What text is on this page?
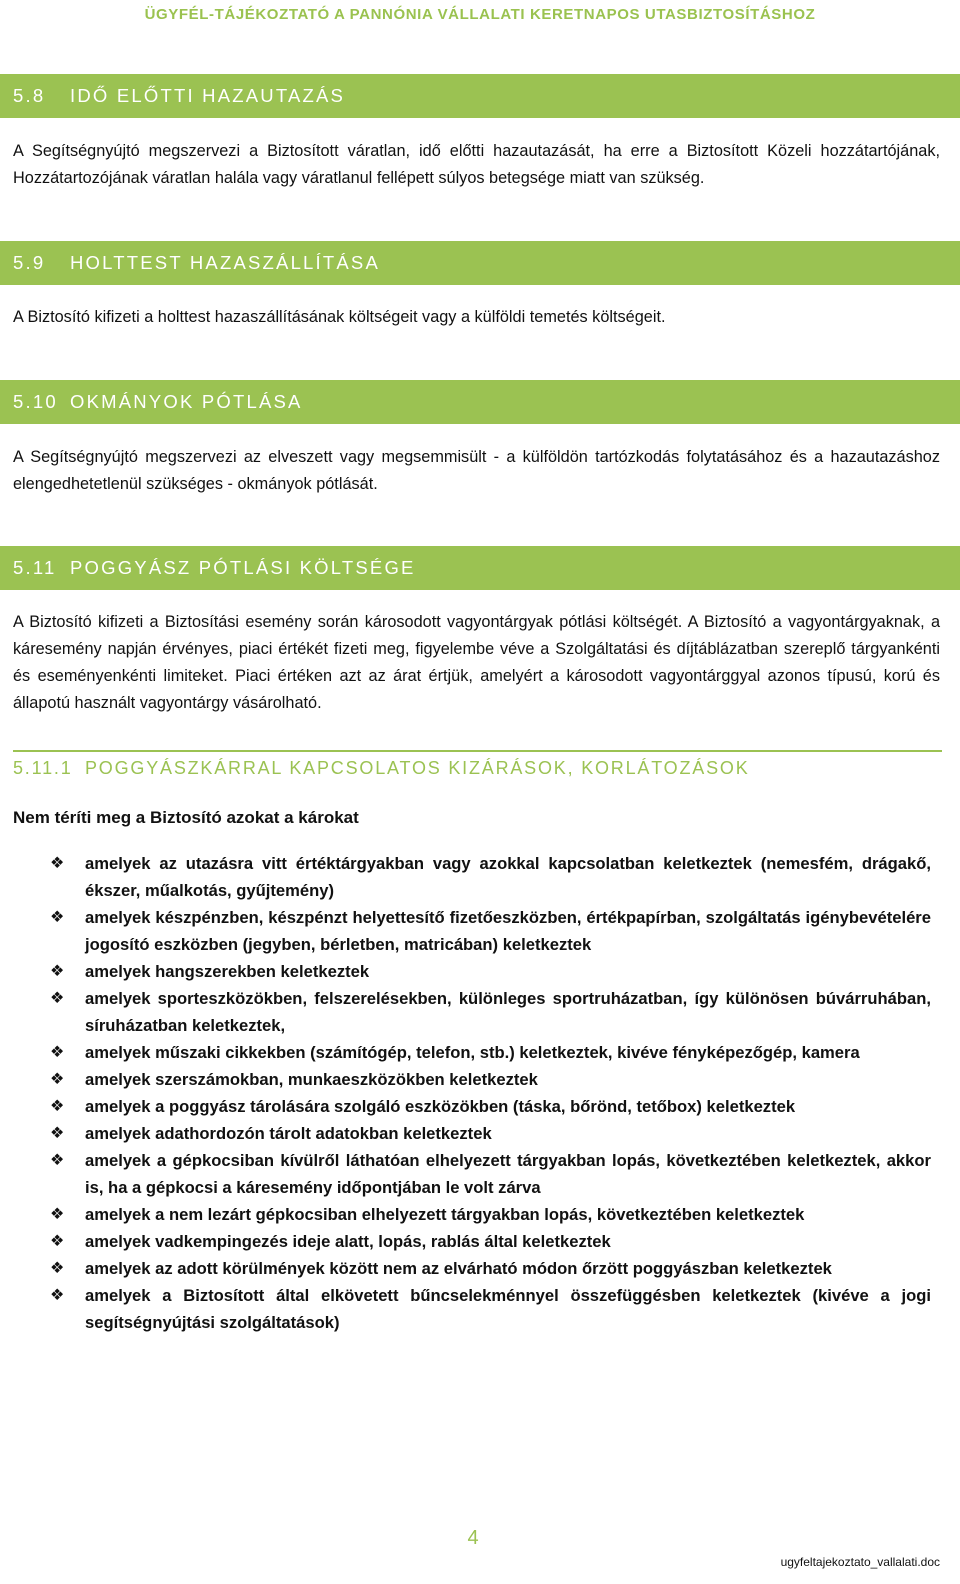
ÜGYFÉL-TÁJÉKOZTATÓ A PANNÓNIA VÁLLALATI KERETNAPOS UTASBIZTOSÍTÁSHOZ
5.8 IDŐ ELŐTTI HAZAUTAZÁS

A Segítségnyújtó megszervezi a Biztosított váratlan, idő előtti hazautazását, ha erre a Biztosított Közeli hozzátartójának, Hozzátartozójának váratlan halála vagy váratlanul fellépett súlyos betegsége miatt van szükség.

5.9 HOLTTEST HAZASZÁLLÍTÁSA

A Biztosító kifizeti a holttest hazaszállításának költségeit vagy a külföldi temetés költségeit.

5.10 OKMÁNYOK PÓTLÁSA

A Segítségnyújtó megszervezi az elveszett vagy megsemmisült - a külföldön tartózkodás folytatásához és a hazautazáshoz elengedhetetlenül szükséges - okmányok pótlását.

5.11 POGGYÁSZ PÓTLÁSI KÖLTSÉGE

A Biztosító kifizeti a Biztosítási esemény során károsodott vagyontárgyak pótlási költségét. A Biztosító a vagyontárgyaknak, a káresemény napján érvényes, piaci értékét fizeti meg, figyelembe véve a Szolgáltatási és díjtáblázatban szereplő tárgyankénti és eseményenkénti limiteket. Piaci értéken azt az árat értjük, amelyért a károsodott vagyontárggyal azonos típusú, korú és állapotú használt vagyontárgy vásárolható.

5.11.1 POGGYÁSZKÁRRAL KAPCSOLATOS KIZÁRÁSOK, KORLÁTOZÁSOK
Nem téríti meg a Biztosító azokat a károkat
❖ amelyek az utazásra vitt értéktárgyakban vagy azokkal kapcsolatban keletkeztek (nemesfém, drágakő, ékszer, műalkotás, gyűjtemény)
❖ amelyek készpénzben, készpénzt helyettesítő fizetőeszközben, értékpapírban, szolgáltatás igénybevételére jogosító eszközben (jegyben, bérletben, matricában) keletkeztek
❖ amelyek hangszerekben keletkeztek
❖ amelyek sporteszközökben, felszerelésekben, különleges sportruházatban, így különösen búvárruhában, síruházatban keletkeztek,
❖ amelyek műszaki cikkekben (számítógép, telefon, stb.) keletkeztek, kivéve fényképezőgép, kamera
❖ amelyek szerszámokban, munkaeszközökben keletkeztek
❖ amelyek a poggyász tárolására szolgáló eszközökben (táska, bőrönd, tetőbox) keletkeztek
❖ amelyek adathordozón tárolt adatokban keletkeztek
❖ amelyek a gépkocsiban kívülről láthatóan elhelyezett tárgyakban lopás, következtében keletkeztek, akkor is, ha a gépkocsi a káresemény időpontjában le volt zárva
❖ amelyek a nem lezárt gépkocsiban elhelyezett tárgyakban lopás, következtében keletkeztek
❖ amelyek vadkempingezés ideje alatt, lopás, rablás által keletkeztek
❖ amelyek az adott körülmények között nem az elvárható módon őrzött poggyászban keletkeztek
❖ amelyek a Biztosított által elkövetett bűncselekménnyel összefüggésben keletkeztek (kivéve a jogi segítségnyújtási szolgáltatások)
4
ugyfeltajekoztato_vallalati.doc
